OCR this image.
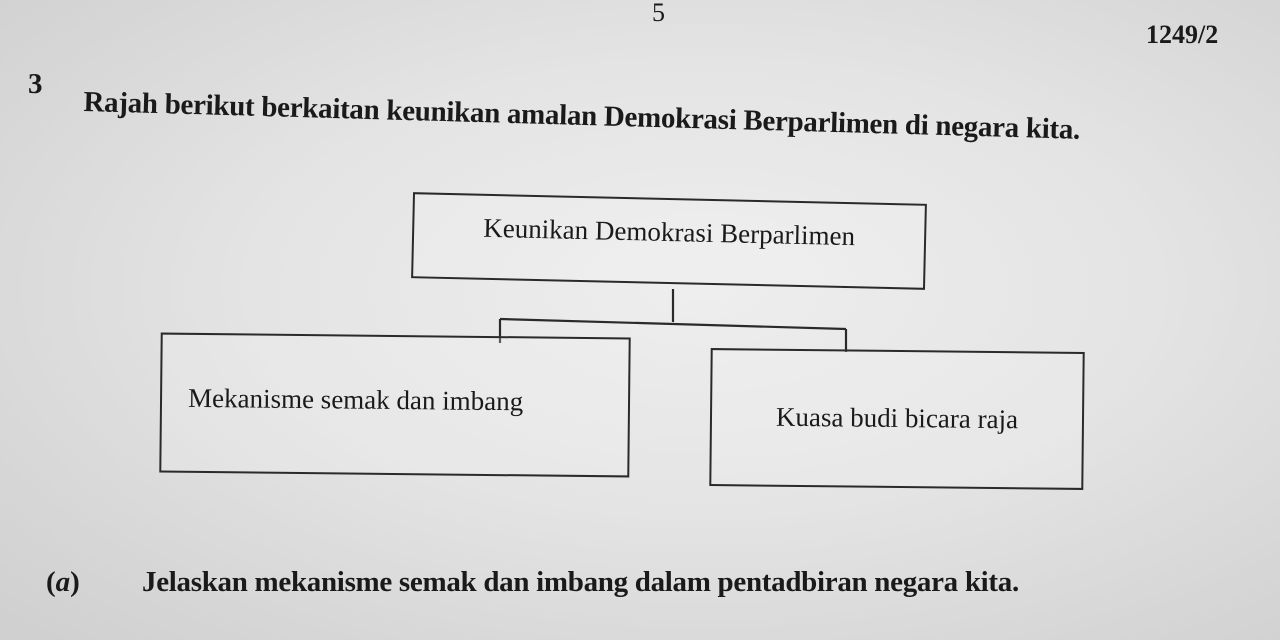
5
1249/2
3
Rajah berikut berkaitan keunikan amalan Demokrasi Berparlimen di negara kita.
Keunikan Demokrasi Berparlimen
Mekanisme semak dan imbang
Kuasa budi bicara raja
(a) Jelaskan mekanisme semak dan imbang dalam pentadbiran negara kita.
